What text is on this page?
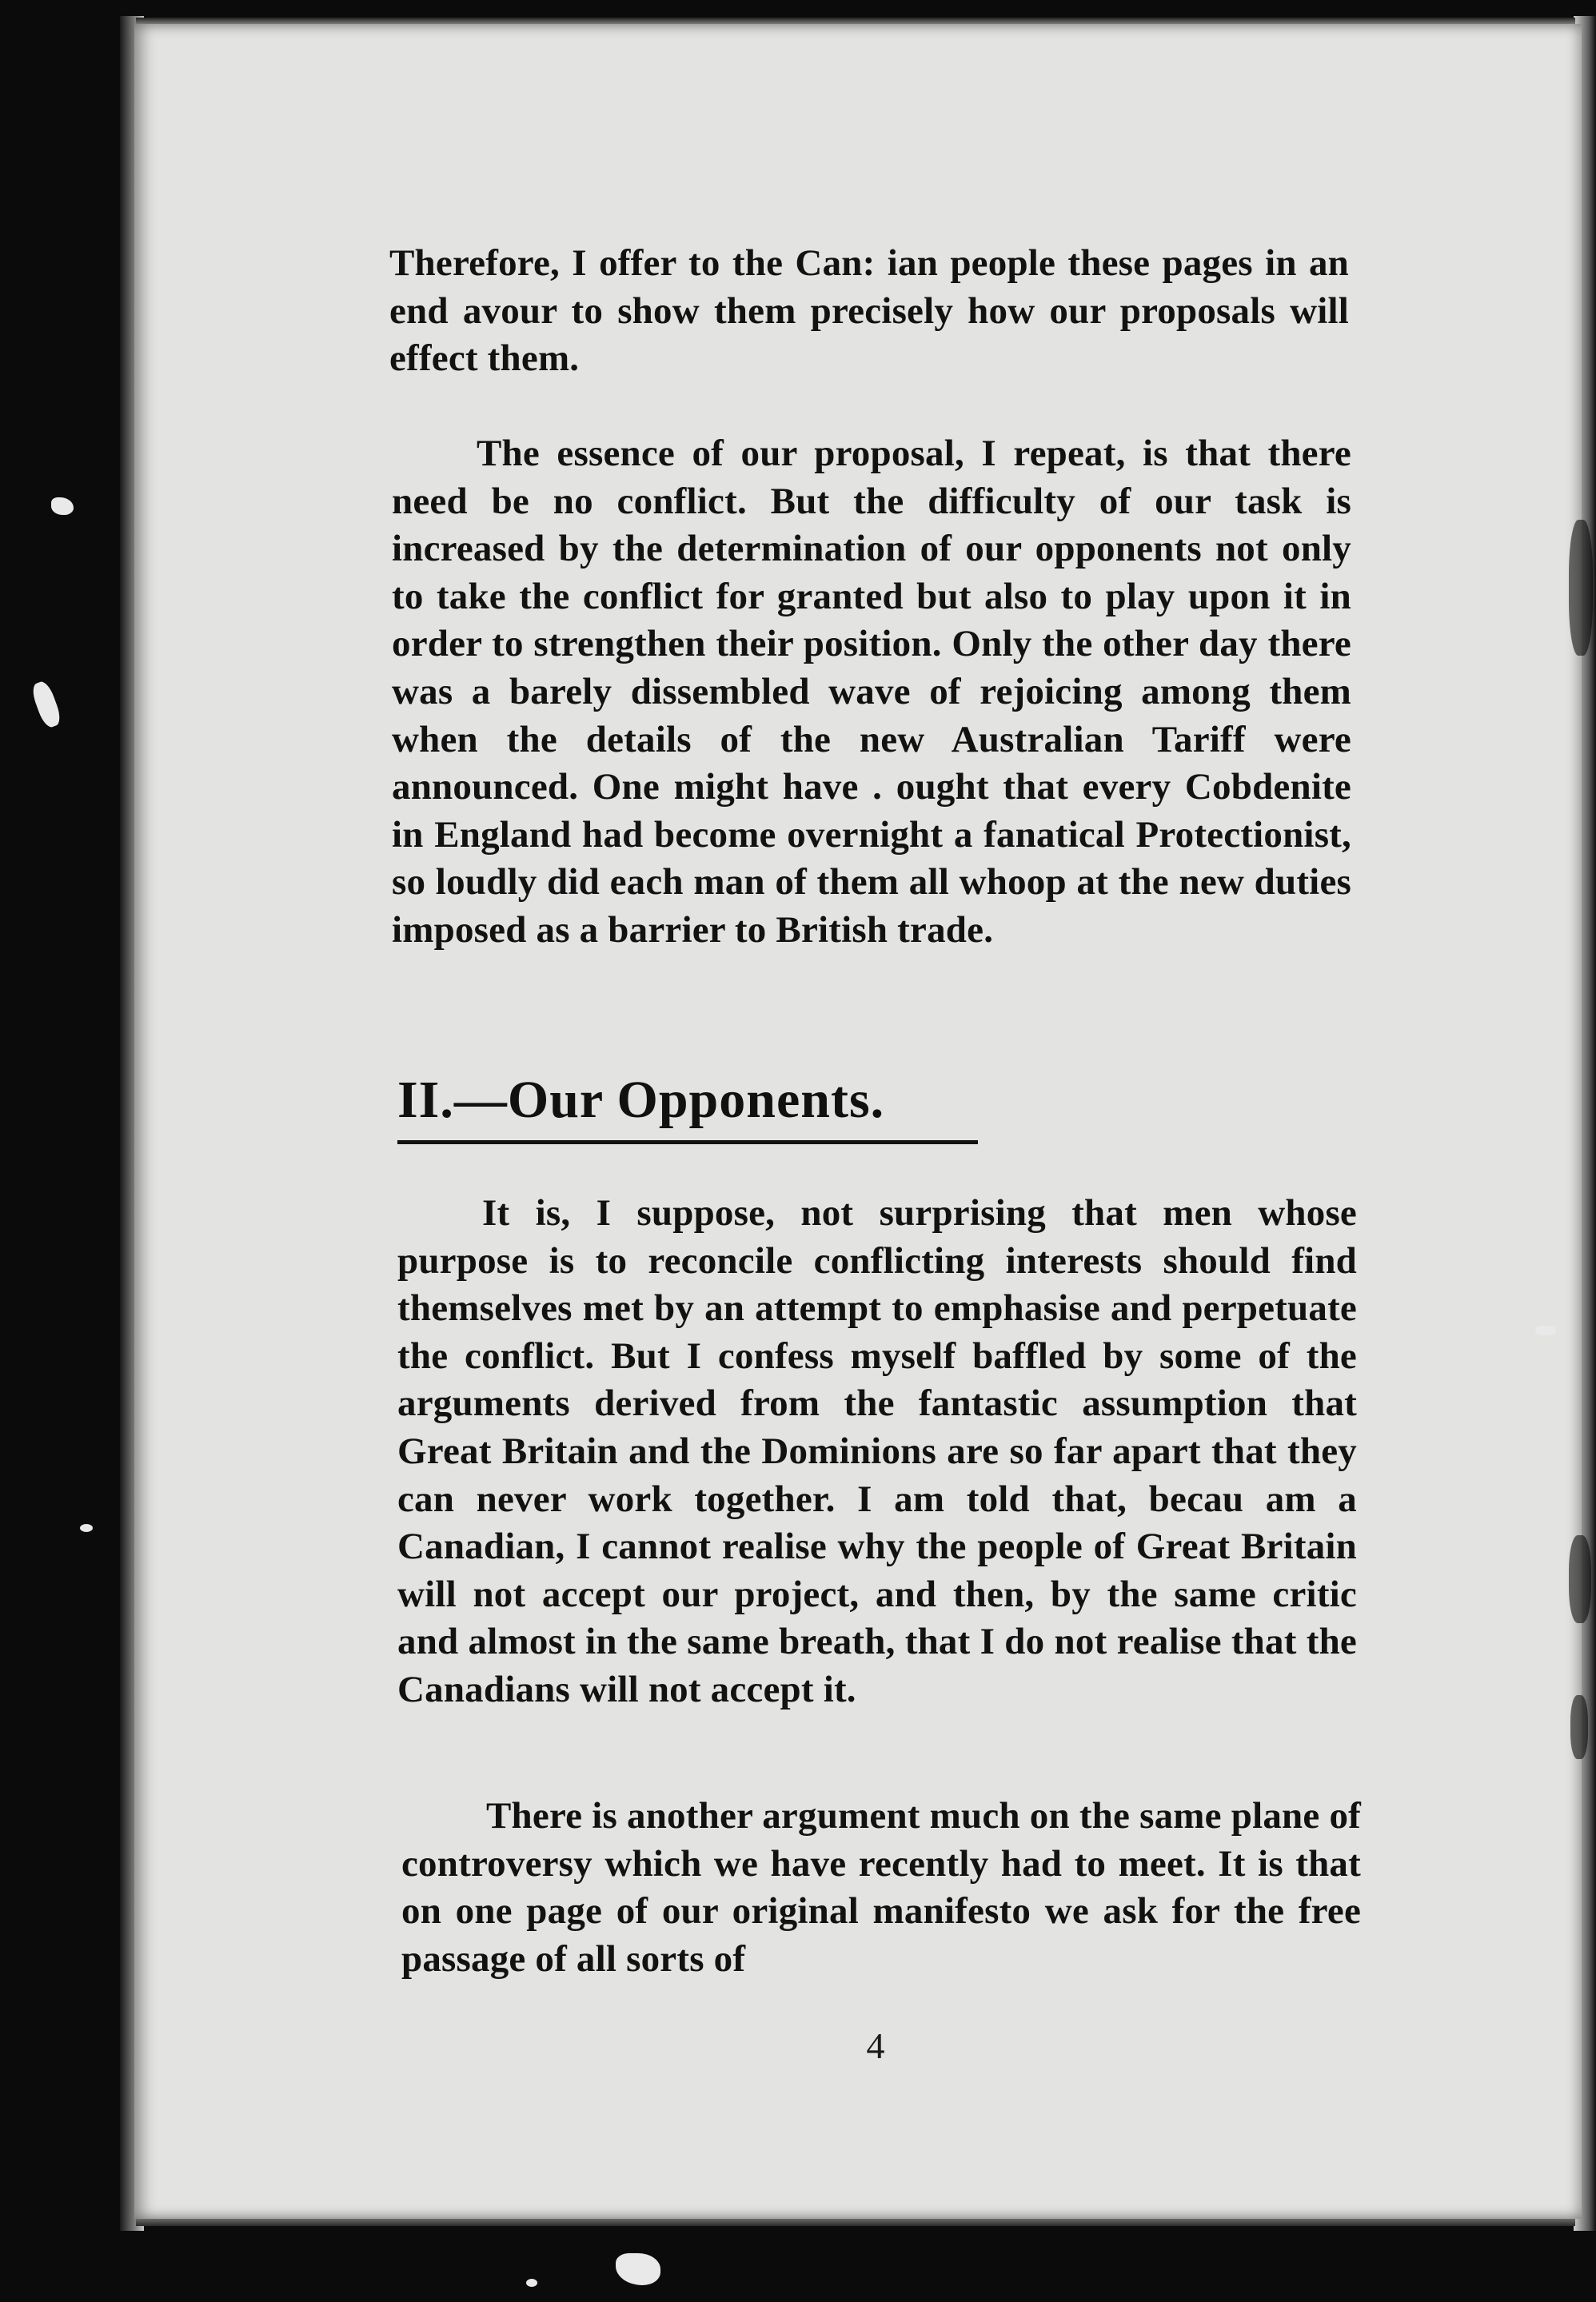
Therefore, I offer to the Can: ian people these pages in an end avour to show them precisely how our proposals will effect them.

The essence of our proposal, I repeat, is that there need be no conflict. But the difficulty of our task is increased by the determination of our opponents not only to take the conflict for granted but also to play upon it in order to strengthen their position. Only the other day there was a barely dissembled wave of rejoicing among them when the details of the new Australian Tariff were announced. One might have . ought that every Cobdenite in England had become overnight a fanatical Protectionist, so loudly did each man of them all whoop at the new duties imposed as a barrier to British trade.

II.—Our Opponents.

It is, I suppose, not surprising that men whose purpose is to reconcile conflicting interests should find themselves met by an attempt to emphasise and perpetuate the conflict. But I confess myself baffled by some of the arguments derived from the fantastic assumption that Great Britain and the Dominions are so far apart that they can never work together. I am told that, becau am a Canadian, I cannot realise why the people of Great Britain will not accept our project, and then, by the same critic and almost in the same breath, that I do not realise that the Canadians will not accept it.

There is another argument much on the same plane of controversy which we have recently had to meet. It is that on one page of our original manifesto we ask for the free passage of all sorts of

4
